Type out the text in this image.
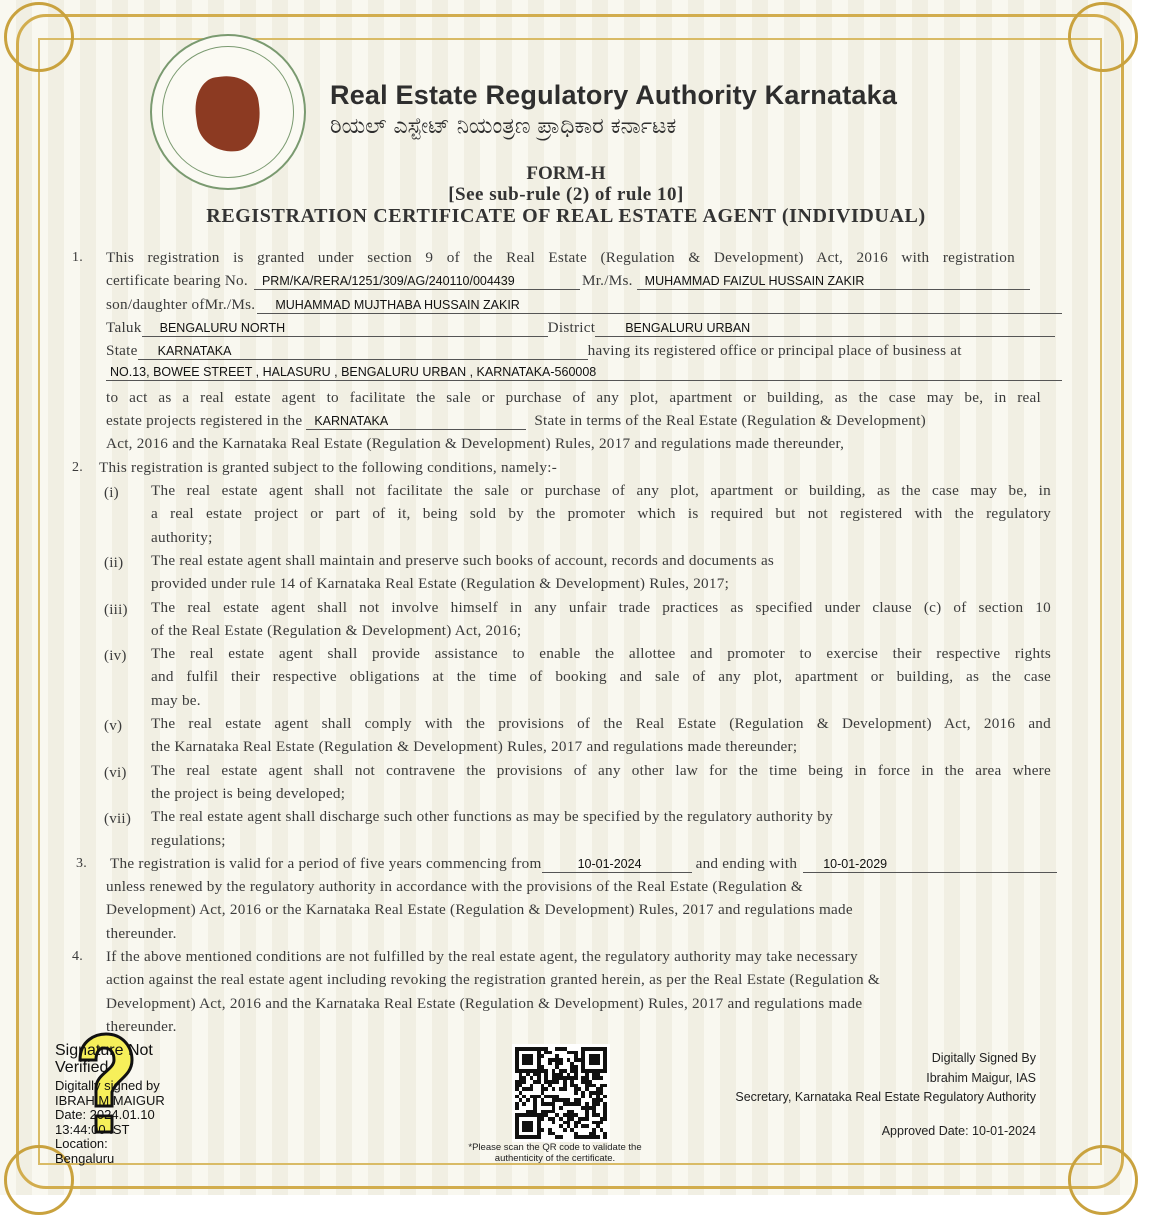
Real Estate Regulatory Authority Karnataka
ರಿಯಲ್ ಎಸ್ಟೇಟ್ ನಿಯಂತ್ರಣ ಪ್ರಾಧಿಕಾರ ಕರ್ನಾಟಕ
FORM-H
[See sub-rule (2) of rule 10]
REGISTRATION CERTIFICATE OF REAL ESTATE AGENT (INDIVIDUAL)
1. This registration is granted under section 9 of the Real Estate (Regulation & Development) Act, 2016 with registration
certificate bearing No.	PRM/KA/RERA/1251/309/AG/240110/004439	Mr./Ms. MUHAMMAD FAIZUL HUSSAIN ZAKIR
son/daughter ofMr./Ms.	MUHAMMAD MUJTHABA HUSSAIN ZAKIR
Taluk	BENGALURU NORTH	District	BENGALURU URBAN
State	KARNATAKA	having its registered office or principal place of business at
NO.13, BOWEE STREET , HALASURU , BENGALURU URBAN , KARNATAKA-560008
to act as a real estate agent to facilitate the sale or purchase of any plot, apartment or building, as the case may be, in real
estate projects registered in the KARNATAKA	State in terms of the Real Estate (Regulation & Development)
Act, 2016 and the Karnataka Real Estate (Regulation & Development) Rules, 2017 and regulations made thereunder,
2. This registration is granted subject to the following conditions, namely:-
(i) The real estate agent shall not facilitate the sale or purchase of any plot, apartment or building, as the case may be, in
a real estate project or part of it, being sold by the promoter which is required but not registered with the regulatory
authority;
(ii) The real estate agent shall maintain and preserve such books of account, records and documents as
provided under rule 14 of Karnataka Real Estate (Regulation & Development) Rules, 2017;
(iii) The real estate agent shall not involve himself in any unfair trade practices as specified under clause (c) of section 10
of the Real Estate (Regulation & Development) Act, 2016;
(iv) The real estate agent shall provide assistance to enable the allottee and promoter to exercise their respective rights
and fulfil their respective obligations at the time of booking and sale of any plot, apartment or building, as the case
may be.
(v) The real estate agent shall comply with the provisions of the Real Estate (Regulation & Development) Act, 2016 and
the Karnataka Real Estate (Regulation & Development) Rules, 2017 and regulations made thereunder;
(vi) The real estate agent shall not contravene the provisions of any other law for the time being in force in the area where
the project is being developed;
(vii) The real estate agent shall discharge such other functions as may be specified by the regulatory authority by
regulations;
3. The registration is valid for a period of five years commencing from	10-01-2024	and ending with	10-01-2029
unless renewed by the regulatory authority in accordance with the provisions of the Real Estate (Regulation &
Development) Act, 2016 or the Karnataka Real Estate (Regulation & Development) Rules, 2017 and regulations made
thereunder.
4. If the above mentioned conditions are not fulfilled by the real estate agent, the regulatory authority may take necessary
action against the real estate agent including revoking the registration granted herein, as per the Real Estate (Regulation &
Development) Act, 2016 and the Karnataka Real Estate (Regulation & Development) Rules, 2017 and regulations made
thereunder.
Signature Not Verified
Digitally signed by
IBRAHIM MAIGUR
Date: 2024.01.10
13:44:00 IST
Location:
Bengaluru
*Please scan the QR code to validate the authenticity of the certificate.
Digitally Signed By
Ibrahim Maigur, IAS
Secretary, Karnataka Real Estate Regulatory Authority
Approved Date: 10-01-2024
